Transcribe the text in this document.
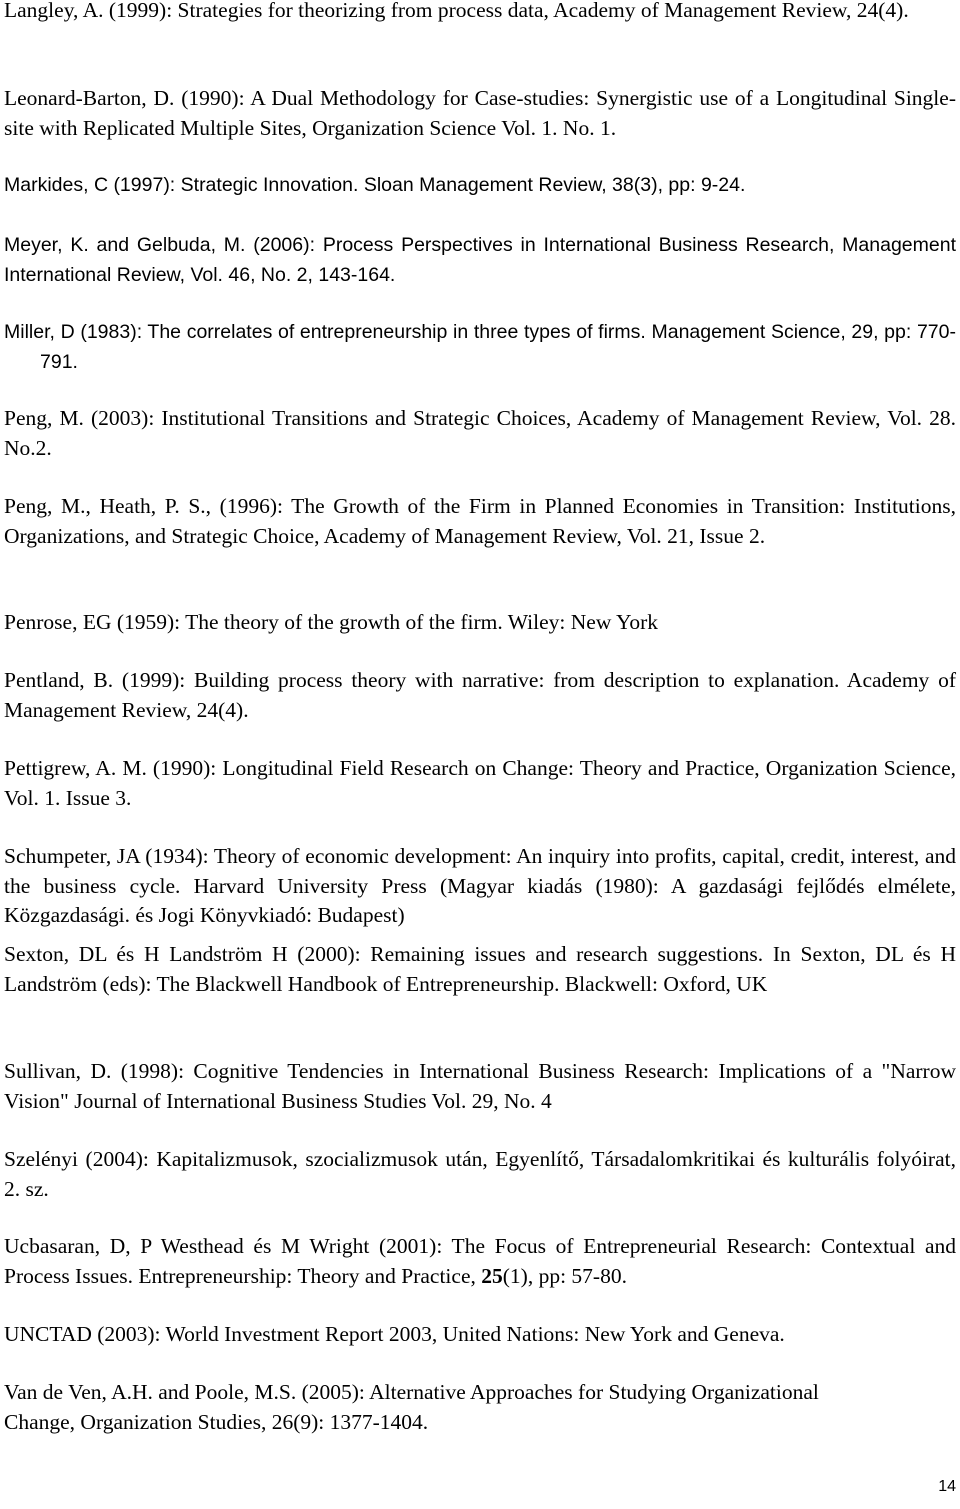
Langley, A. (1999): Strategies for theorizing from process data, Academy of Management Review, 24(4).

Leonard-Barton, D. (1990): A Dual Methodology for Case-studies: Synergistic use of a Longitudinal Single-site with Replicated Multiple Sites, Organization Science Vol. 1. No. 1.

Markides, C (1997): Strategic Innovation. Sloan Management Review, 38(3), pp: 9-24.

Meyer, K. and Gelbuda, M. (2006): Process Perspectives in International Business Research, Management International Review, Vol. 46, No. 2, 143-164.

Miller, D (1983): The correlates of entrepreneurship in three types of firms. Management Science, 29, pp: 770-791.

Peng, M. (2003): Institutional Transitions and Strategic Choices, Academy of Management Review, Vol. 28. No.2.

Peng, M., Heath, P. S., (1996): The Growth of the Firm in Planned Economies in Transition: Institutions, Organizations, and Strategic Choice, Academy of Management Review, Vol. 21, Issue 2.

Penrose, EG (1959): The theory of the growth of the firm. Wiley: New York

Pentland, B. (1999): Building process theory with narrative: from description to explanation. Academy of Management Review, 24(4).

Pettigrew, A. M. (1990): Longitudinal Field Research on Change: Theory and Practice, Organization Science, Vol. 1. Issue 3.

Schumpeter, JA (1934): Theory of economic development: An inquiry into profits, capital, credit, interest, and the business cycle. Harvard University Press (Magyar kiadás (1980): A gazdasági fejlődés elmélete, Közgazdasági. és Jogi Könyvkiadó: Budapest)

Sexton, DL és H Landström H (2000): Remaining issues and research suggestions. In Sexton, DL és H Landström (eds): The Blackwell Handbook of Entrepreneurship. Blackwell: Oxford, UK

Sullivan, D. (1998): Cognitive Tendencies in International Business Research: Implications of a "Narrow Vision" Journal of International Business Studies Vol. 29, No. 4

Szelényi (2004): Kapitalizmusok, szocializmusok után, Egyenlítő, Társadalomkritikai és kulturális folyóirat, 2. sz.

Ucbasaran, D, P Westhead és M Wright (2001): The Focus of Entrepreneurial Research: Contextual and Process Issues. Entrepreneurship: Theory and Practice, 25(1), pp: 57-80.

UNCTAD (2003): World Investment Report 2003, United Nations: New York and Geneva.

Van de Ven, A.H. and Poole, M.S. (2005): Alternative Approaches for Studying Organizational Change, Organization Studies, 26(9): 1377-1404.

14
